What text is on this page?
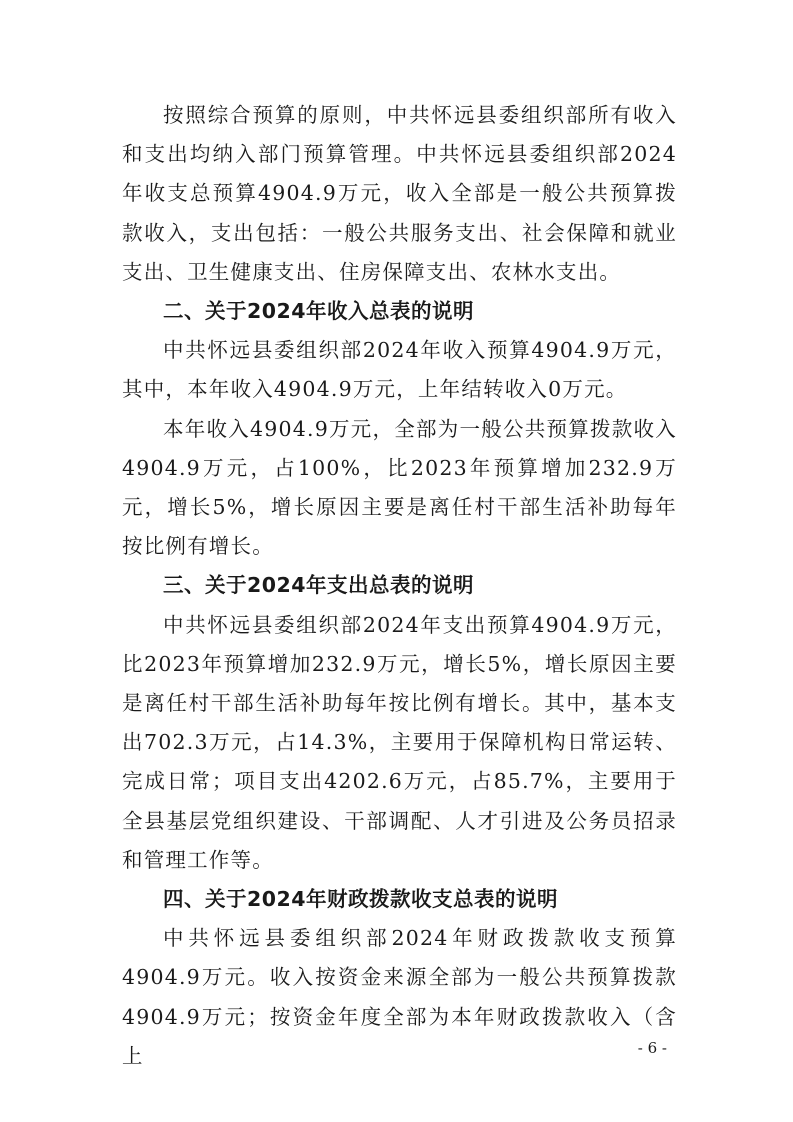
按照综合预算的原则，中共怀远县委组织部所有收入和支出均纳入部门预算管理。中共怀远县委组织部2024年收支总预算4904.9万元，收入全部是一般公共预算拨款收入，支出包括：一般公共服务支出、社会保障和就业支出、卫生健康支出、住房保障支出、农林水支出。

二、关于2024年收入总表的说明

中共怀远县委组织部2024年收入预算4904.9万元，其中，本年收入4904.9万元，上年结转收入0万元。

本年收入4904.9万元，全部为一般公共预算拨款收入4904.9万元，占100%，比2023年预算增加232.9万元，增长5%，增长原因主要是离任村干部生活补助每年按比例有增长。

三、关于2024年支出总表的说明

中共怀远县委组织部2024年支出预算4904.9万元，比2023年预算增加232.9万元，增长5%，增长原因主要是离任村干部生活补助每年按比例有增长。其中，基本支出702.3万元，占14.3%，主要用于保障机构日常运转、完成日常；项目支出4202.6万元，占85.7%，主要用于全县基层党组织建设、干部调配、人才引进及公务员招录和管理工作等。

四、关于2024年财政拨款收支总表的说明

中共怀远县委组织部2024年财政拨款收支预算4904.9万元。收入按资金来源全部为一般公共预算拨款4904.9万元；按资金年度全部为本年财政拨款收入（含上	- 6 -
